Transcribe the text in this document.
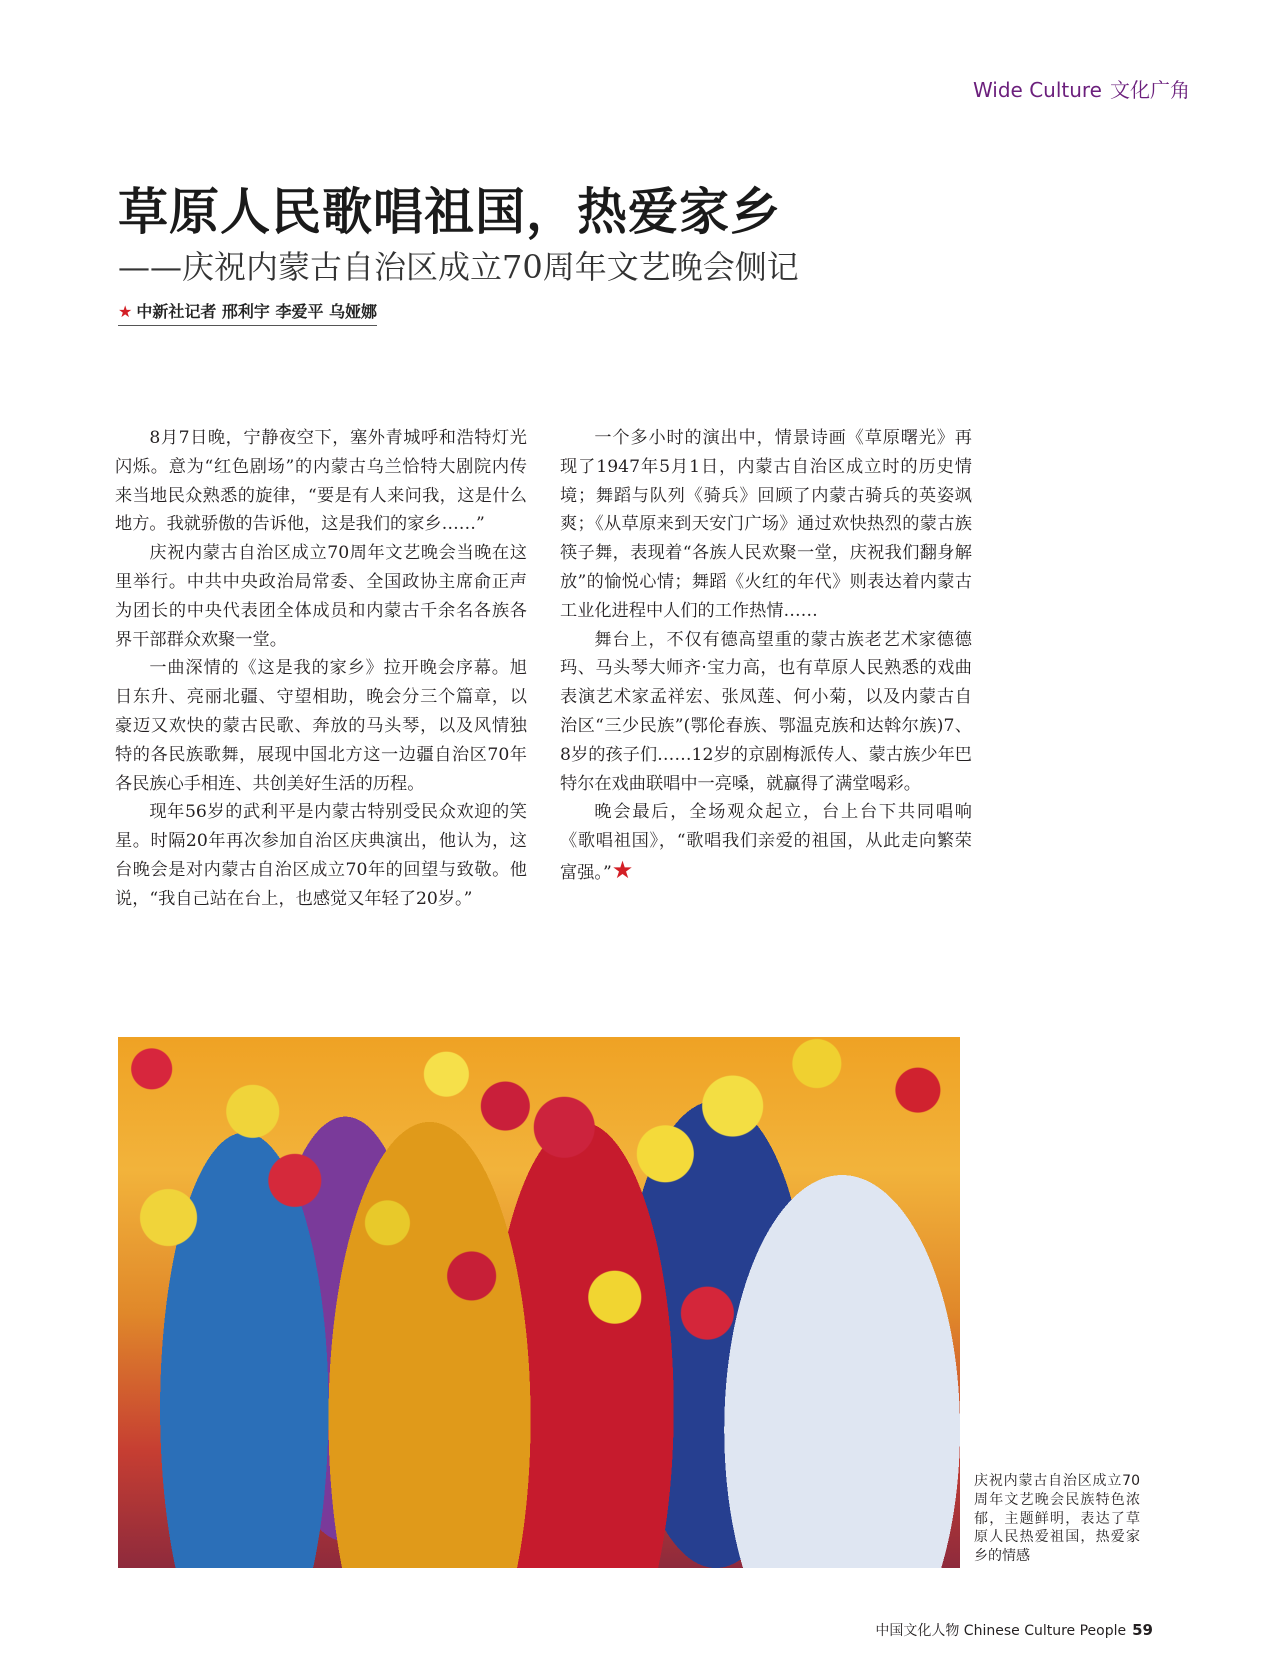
Wide Culture 文化广角
草原人民歌唱祖国，热爱家乡
——庆祝内蒙古自治区成立70周年文艺晚会侧记
★ 中新社记者 邢利宇 李爱平 乌娅娜

8月7日晚，宁静夜空下，塞外青城呼和浩特灯光闪烁。意为“红色剧场”的内蒙古乌兰恰特大剧院内传来当地民众熟悉的旋律，“要是有人来问我，这是什么地方。我就骄傲的告诉他，这是我们的家乡……”

庆祝内蒙古自治区成立70周年文艺晚会当晚在这里举行。中共中央政治局常委、全国政协主席俞正声为团长的中央代表团全体成员和内蒙古千余名各族各界干部群众欢聚一堂。

一曲深情的《这是我的家乡》拉开晚会序幕。旭日东升、亮丽北疆、守望相助，晚会分三个篇章，以豪迈又欢快的蒙古民歌、奔放的马头琴，以及风情独特的各民族歌舞，展现中国北方这一边疆自治区70年各民族心手相连、共创美好生活的历程。

现年56岁的武利平是内蒙古特别受民众欢迎的笑星。时隔20年再次参加自治区庆典演出，他认为，这台晚会是对内蒙古自治区成立70年的回望与致敬。他说，“我自己站在台上，也感觉又年轻了20岁。”

一个多小时的演出中，情景诗画《草原曙光》再现了1947年5月1日，内蒙古自治区成立时的历史情境；舞蹈与队列《骑兵》回顾了内蒙古骑兵的英姿飒爽；《从草原来到天安门广场》通过欢快热烈的蒙古族筷子舞，表现着“各族人民欢聚一堂，庆祝我们翻身解放”的愉悦心情；舞蹈《火红的年代》则表达着内蒙古工业化进程中人们的工作热情……

舞台上，不仅有德高望重的蒙古族老艺术家德德玛、马头琴大师齐·宝力高，也有草原人民熟悉的戏曲表演艺术家孟祥宏、张凤莲、何小菊，以及内蒙古自治区“三少民族”(鄂伦春族、鄂温克族和达斡尔族)7、8岁的孩子们……12岁的京剧梅派传人、蒙古族少年巴特尔在戏曲联唱中一亮嗓，就赢得了满堂喝彩。

晚会最后，全场观众起立，台上台下共同唱响《歌唱祖国》，“歌唱我们亲爱的祖国，从此走向繁荣富强。”★

庆祝内蒙古自治区成立70周年文艺晚会民族特色浓郁，主题鲜明，表达了草原人民热爱祖国，热爱家乡的情感
中国文化人物 Chinese Culture People 59
